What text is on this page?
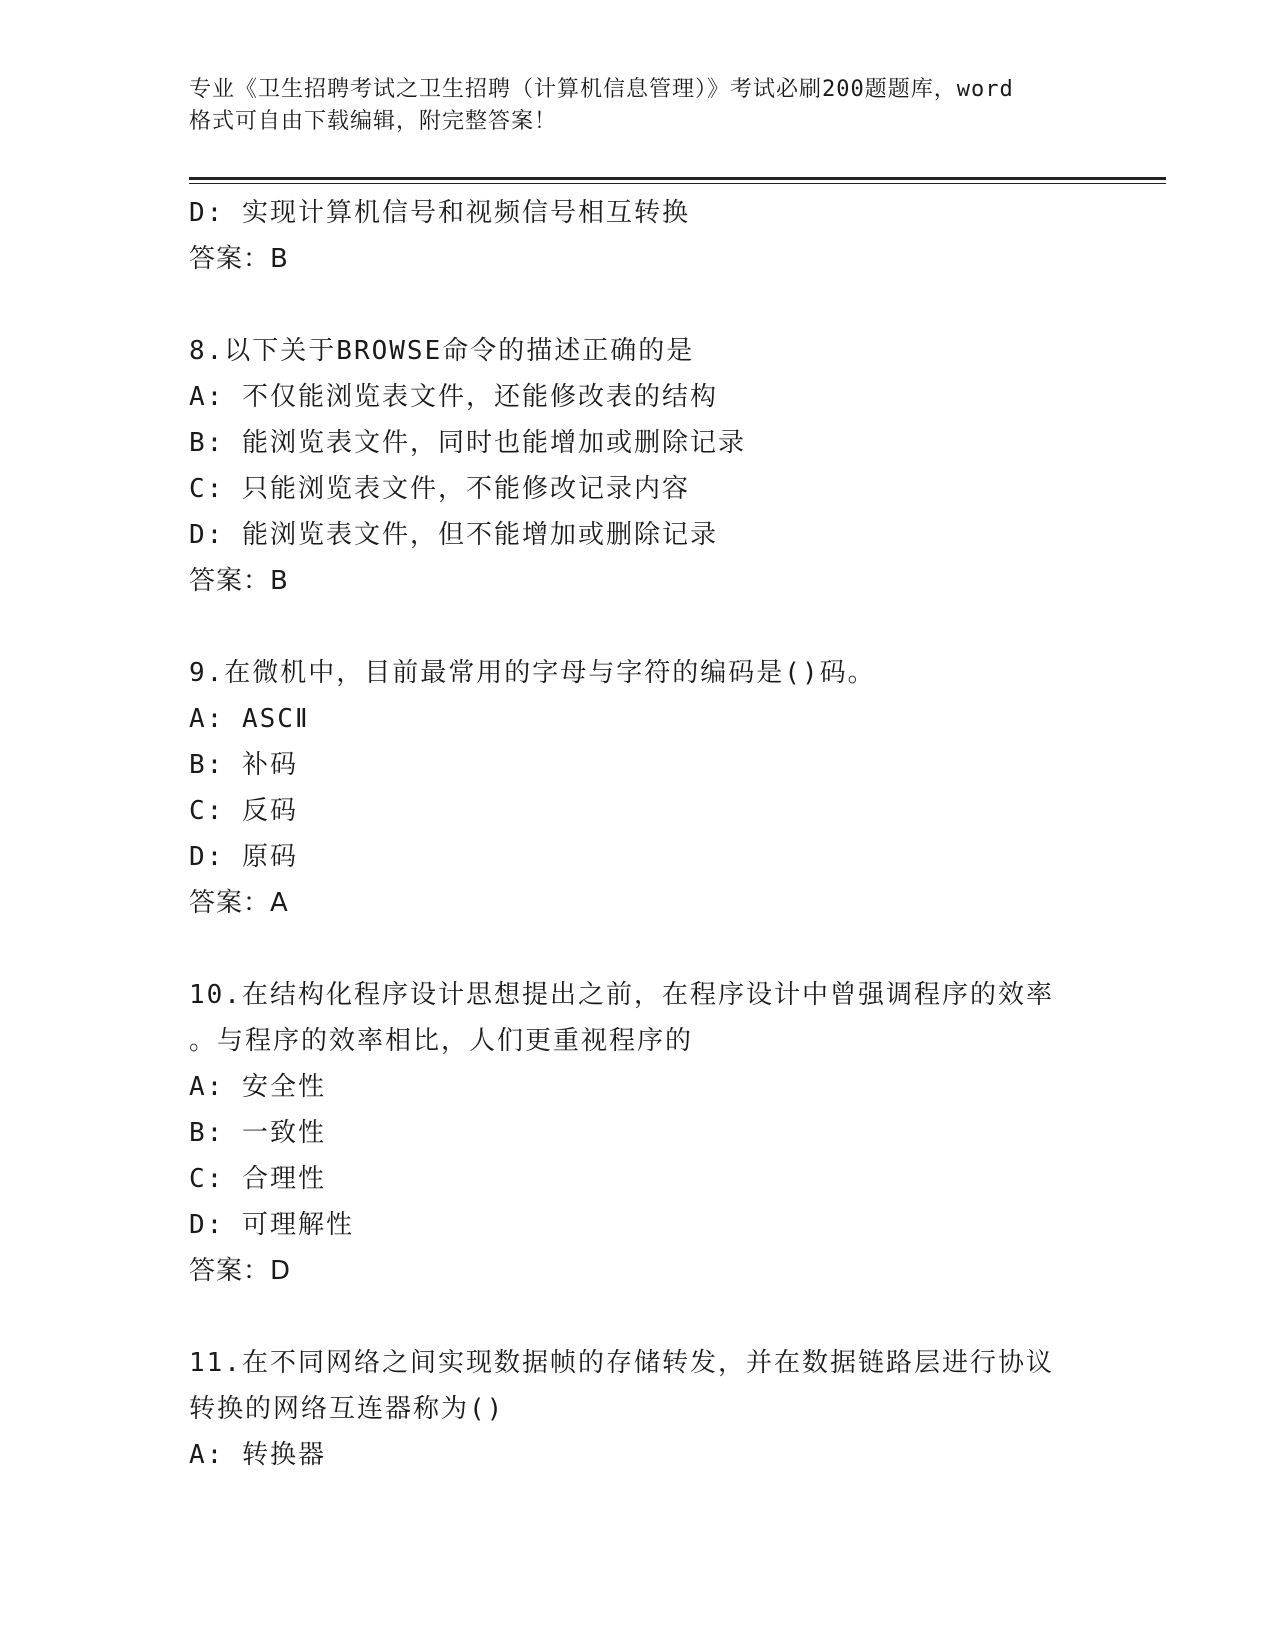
专业《卫生招聘考试之卫生招聘（计算机信息管理）》考试必刷200题题库，word
格式可自由下载编辑，附完整答案！
D: 实现计算机信号和视频信号相互转换
答案：B
8.以下关于BROWSE命令的描述正确的是
A: 不仅能浏览表文件，还能修改表的结构
B: 能浏览表文件，同时也能增加或删除记录
C: 只能浏览表文件，不能修改记录内容
D: 能浏览表文件，但不能增加或删除记录
答案：B
9.在微机中，目前最常用的字母与字符的编码是()码。
A: ASCⅡ
B: 补码
C: 反码
D: 原码
答案：A
10.在结构化程序设计思想提出之前，在程序设计中曾强调程序的效率
。与程序的效率相比，人们更重视程序的
A: 安全性
B: 一致性
C: 合理性
D: 可理解性
答案：D
11.在不同网络之间实现数据帧的存储转发，并在数据链路层进行协议
转换的网络互连器称为()
A: 转换器
